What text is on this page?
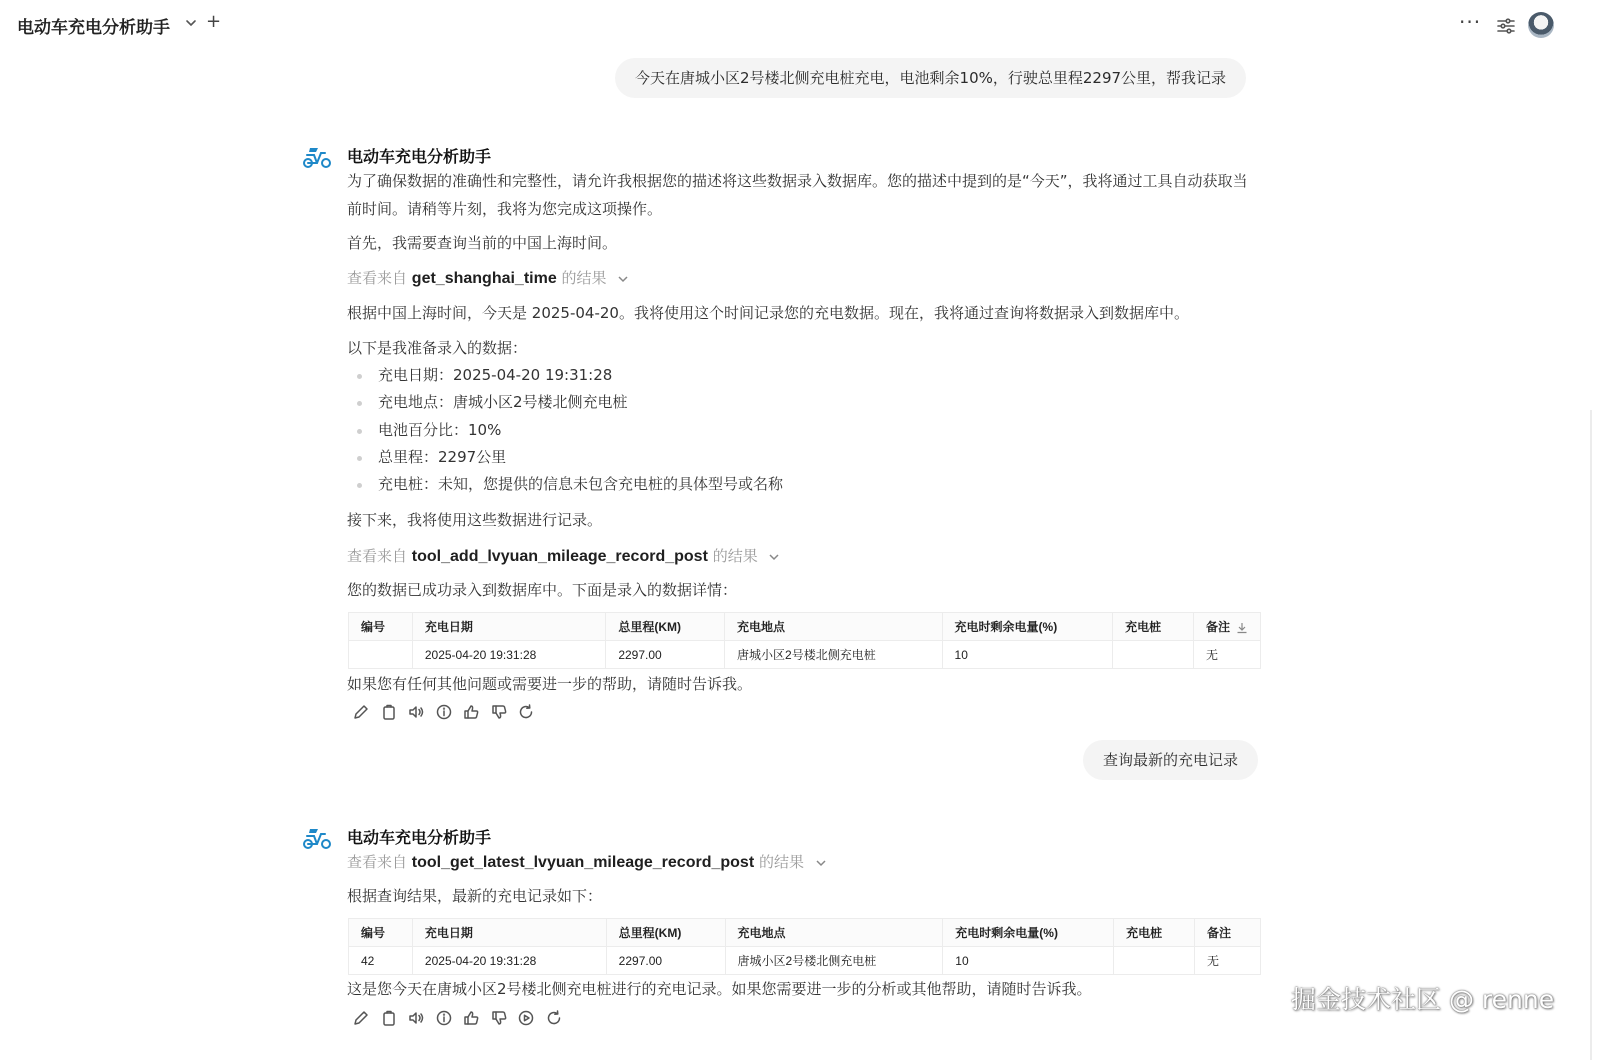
电动车充电分析助手 +	···
今天在唐城小区2号楼北侧充电桩充电，电池剩余10%，行驶总里程2297公里，帮我记录
电动车充电分析助手
为了确保数据的准确性和完整性，请允许我根据您的描述将这些数据录入数据库。您的描述中提到的是“今天”，我将通过工具自动获取当前时间。请稍等片刻，我将为您完成这项操作。
首先，我需要查询当前的中国上海时间。
查看来自 get_shanghai_time 的结果
根据中国上海时间，今天是 2025-04-20。我将使用这个时间记录您的充电数据。现在，我将通过查询将数据录入到数据库中。
以下是我准备录入的数据：
充电日期：2025-04-20 19:31:28
充电地点：唐城小区2号楼北侧充电桩
电池百分比：10%
总里程：2297公里
充电桩：未知，您提供的信息未包含充电桩的具体型号或名称
接下来，我将使用这些数据进行记录。
查看来自 tool_add_lvyuan_mileage_record_post 的结果
您的数据已成功录入到数据库中。下面是录入的数据详情：
编号	充电日期	总里程(KM)	充电地点	充电时剩余电量(%)	充电桩	备注
	2025-04-20 19:31:28	2297.00	唐城小区2号楼北侧充电桩	10		无
如果您有任何其他问题或需要进一步的帮助，请随时告诉我。
查询最新的充电记录
电动车充电分析助手
查看来自 tool_get_latest_lvyuan_mileage_record_post 的结果
根据查询结果，最新的充电记录如下：
编号	充电日期	总里程(KM)	充电地点	充电时剩余电量(%)	充电桩	备注
42	2025-04-20 19:31:28	2297.00	唐城小区2号楼北侧充电桩	10		无
这是您今天在唐城小区2号楼北侧充电桩进行的充电记录。如果您需要进一步的分析或其他帮助，请随时告诉我。	掘金技术社区 @ renne
